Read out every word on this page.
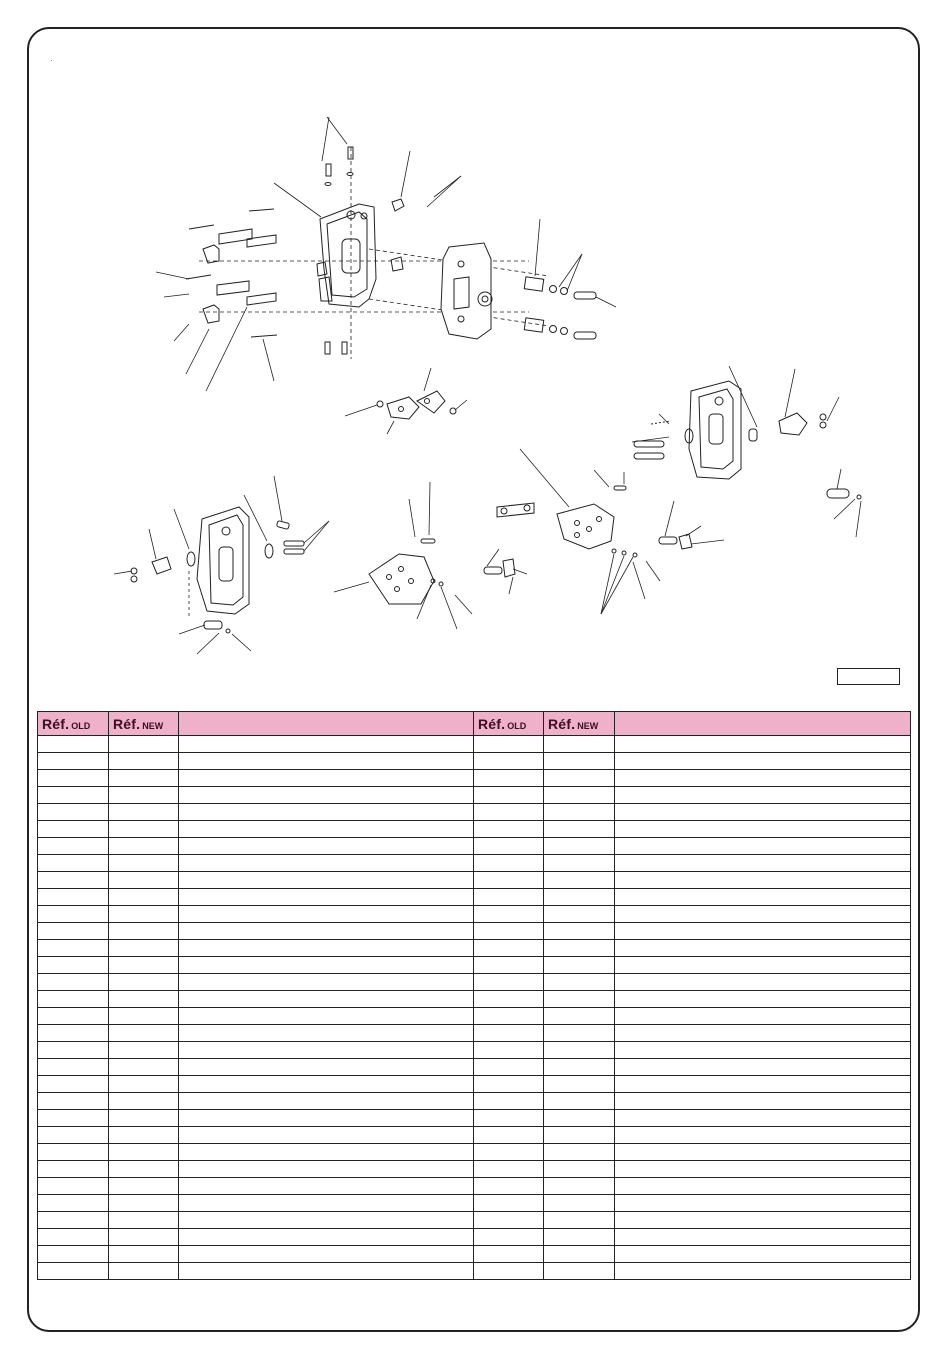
·
Réf. OLD	Réf. NEW		Réf. OLD	Réf. NEW	
